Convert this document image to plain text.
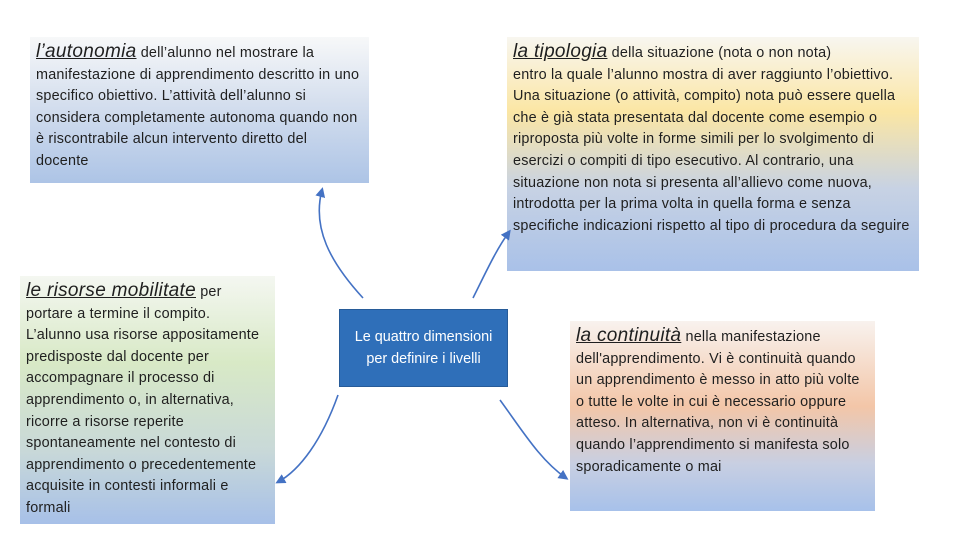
l’autonomia dell’alunno nel mostrare la
manifestazione di apprendimento descritto in uno specifico obiettivo. L’attività dell’alunno si considera completamente autonoma quando non è riscontrabile alcun intervento diretto del docente
la tipologia della situazione (nota o non nota)
entro la quale l’alunno mostra di aver raggiunto l’obiettivo. Una situazione (o attività, compito) nota può essere quella che è già stata presentata dal docente come esempio o riproposta più volte in forme simili per lo svolgimento di esercizi o compiti di tipo esecutivo. Al contrario, una situazione non nota si presenta all’allievo come nuova, introdotta per la prima volta in quella forma e senza specifiche indicazioni rispetto al tipo di procedura da seguire
le risorse mobilitate per
portare a termine il compito. L’alunno usa risorse appositamente predisposte dal docente per accompagnare il processo di apprendimento o, in alternativa, ricorre a risorse reperite spontaneamente nel contesto di apprendimento o precedentemente acquisite in contesti informali e formali
la continuità nella manifestazione
dell'apprendimento. Vi è continuità quando un apprendimento è messo in atto più volte o tutte le volte in cui è necessario oppure atteso. In alternativa, non vi è continuità quando l’apprendimento si manifesta solo sporadicamente o mai
Le quattro dimensioni per definire i livelli
